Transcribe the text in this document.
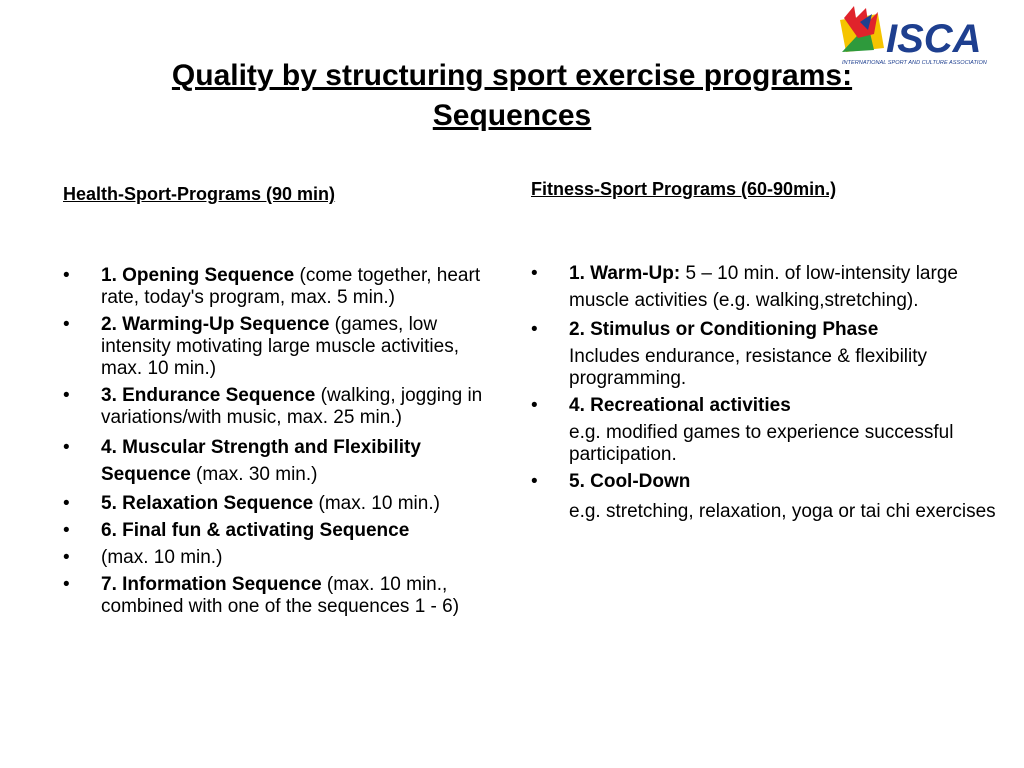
Quality by structuring sport exercise programs:
Sequences
ISCA
INTERNATIONAL SPORT AND CULTURE ASSOCIATION
Health-Sport-Programs (90 min)	Fitness-Sport Programs (60-90min.)
• 1. Opening Sequence (come together, heart rate, today's program, max. 5 min.)
• 2. Warming-Up Sequence (games, low intensity motivating large muscle activities, max. 10 min.)
• 3. Endurance Sequence (walking, jogging in variations/with music, max. 25 min.)
• 4. Muscular Strength and Flexibility Sequence (max. 30 min.)
• 5. Relaxation Sequence (max. 10 min.)
• 6. Final fun & activating Sequence
• (max. 10 min.)
• 7. Information Sequence (max. 10 min., combined with one of the sequences 1 - 6)
• 1. Warm-Up: 5 – 10 min. of low-intensity large muscle activities (e.g. walking,stretching).
• 2. Stimulus or Conditioning Phase
Includes endurance, resistance & flexibility programming.
• 4. Recreational activities
e.g. modified games to experience successful participation.
• 5. Cool-Down
e.g. stretching, relaxation, yoga or tai chi exercises
